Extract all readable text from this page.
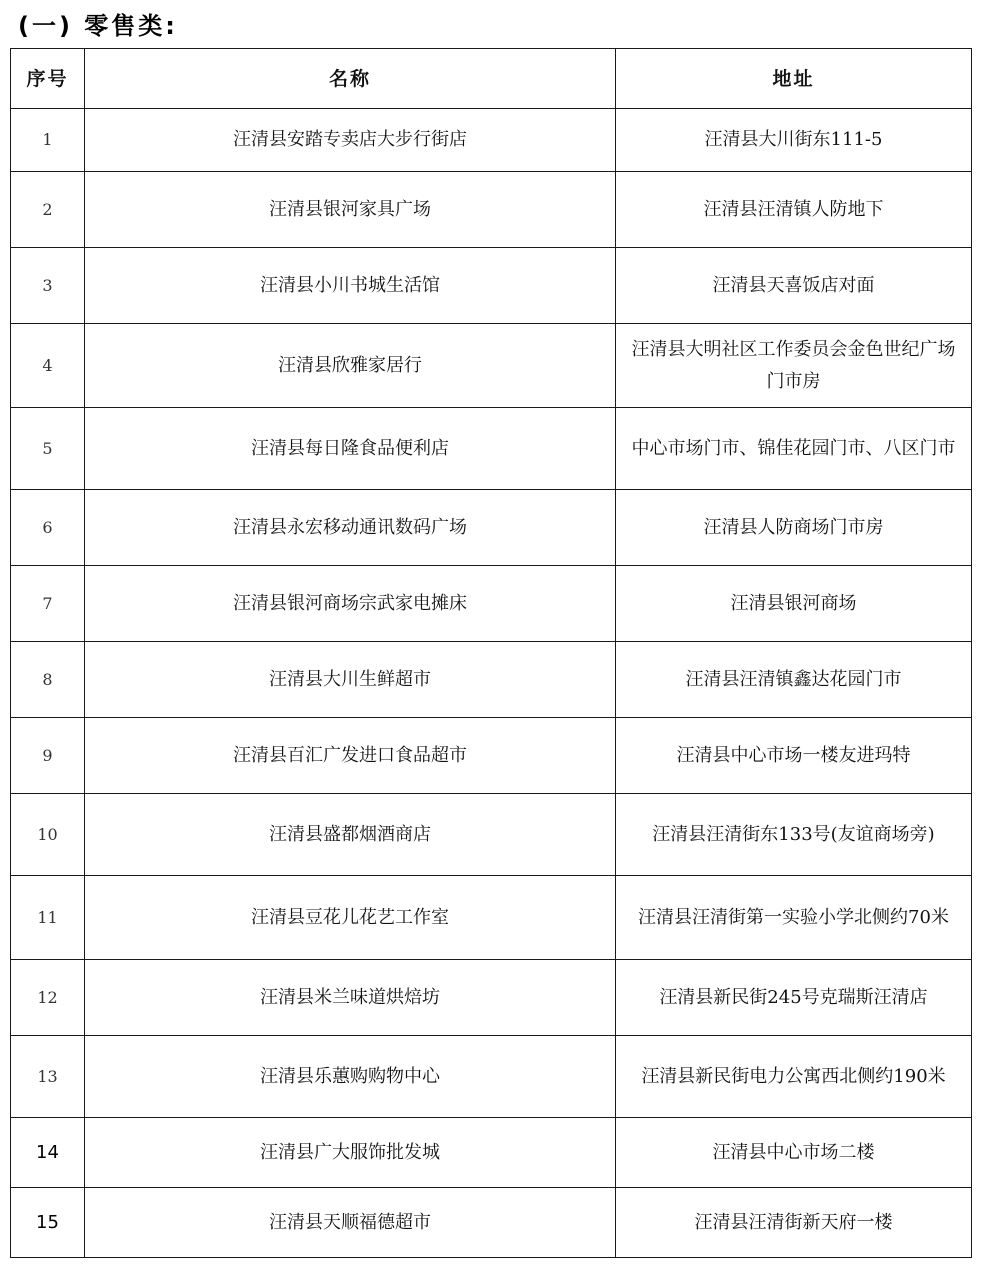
(一) 零售类:
序号	名称	地址
1	汪清县安踏专卖店大步行街店	汪清县大川街东111-5
2	汪清县银河家具广场	汪清县汪清镇人防地下
3	汪清县小川书城生活馆	汪清县天喜饭店对面
4	汪清县欣雅家居行	汪清县大明社区工作委员会金色世纪广场门市房
5	汪清县每日隆食品便利店	中心市场门市、锦佳花园门市、八区门市
6	汪清县永宏移动通讯数码广场	汪清县人防商场门市房
7	汪清县银河商场宗武家电摊床	汪清县银河商场
8	汪清县大川生鲜超市	汪清县汪清镇鑫达花园门市
9	汪清县百汇广发进口食品超市	汪清县中心市场一楼友进玛特
10	汪清县盛都烟酒商店	汪清县汪清街东133号(友谊商场旁)
11	汪清县豆花儿花艺工作室	汪清县汪清街第一实验小学北侧约70米
12	汪清县米兰味道烘焙坊	汪清县新民街245号克瑞斯汪清店
13	汪清县乐蕙购购物中心	汪清县新民街电力公寓西北侧约190米
14	汪清县广大服饰批发城	汪清县中心市场二楼
15	汪清县天顺福德超市	汪清县汪清街新天府一楼
